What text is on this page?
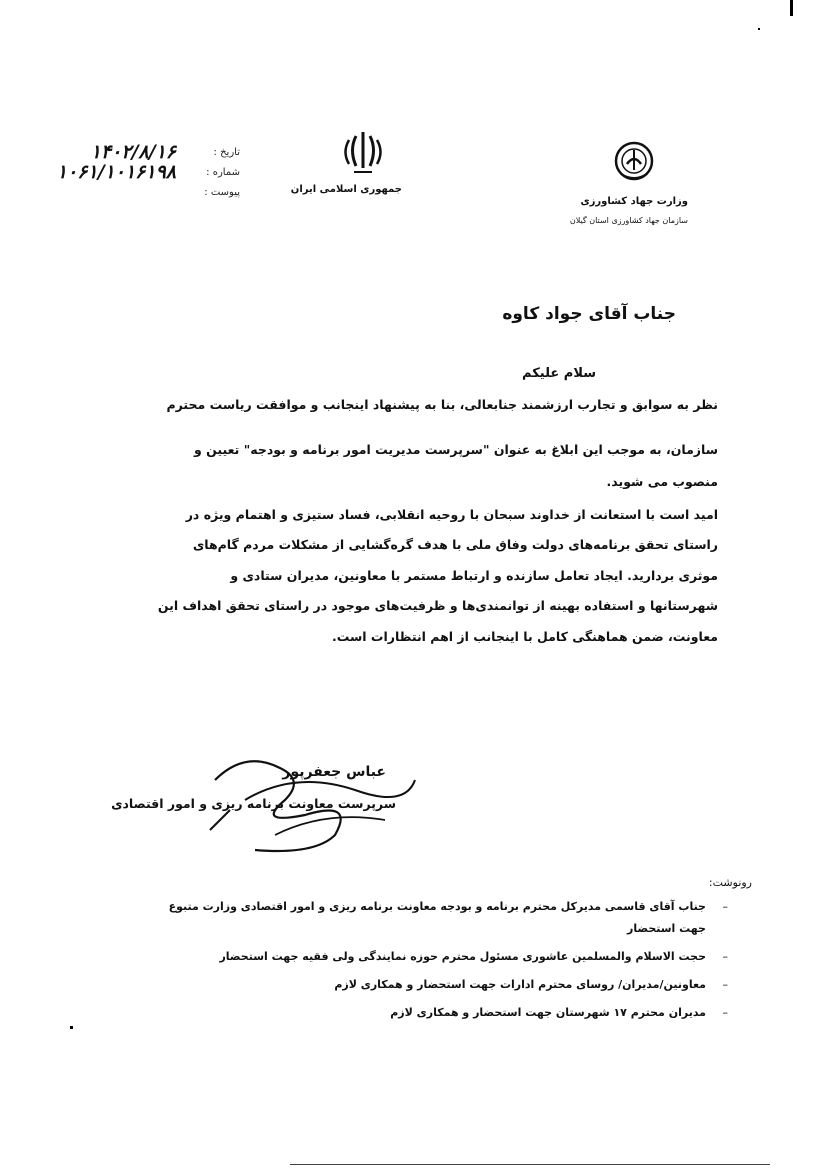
وزارت جهاد کشاورزی
سازمان جهاد کشاورزی استان گیلان
جمهوری اسلامی ایران
تاریخ :
۱۴۰۲/۸/۱۶
شماره :
۱۰۶۱/۱۰۱۶۱۹۸
پیوست :
جناب آقای جواد کاوه
سلام علیکم

نظر به سوابق و تجارب ارزشمند جنابعالی، بنا به پیشنهاد اینجانب و موافقت ریاست محترم

سازمان، به موجب این ابلاغ به عنوان "سرپرست مدیریت امور برنامه و بودجه" تعیین و

منصوب می شوید.

امید است با استعانت از خداوند سبحان با روحیه انقلابی، فساد ستیزی و اهتمام ویژه در

راستای تحقق برنامه‌های دولت وفاق ملی با هدف گره‌گشایی از مشکلات مردم گام‌های

موثری بردارید. ایجاد تعامل سازنده و ارتباط مستمر با معاونین، مدیران ستادی و

شهرستانها و استفاده بهینه از توانمندی‌ها و ظرفیت‌های موجود در راستای تحقق اهداف این

معاونت، ضمن هماهنگی کامل با اینجانب از اهم انتظارات است.

عباس جعفرپور
سرپرست معاونت برنامه ریزی و امور اقتصادی
رونوشت:
–
جناب آقای قاسمی مدیرکل محترم برنامه و بودجه معاونت برنامه ریزی و امور اقتصادی وزارت متبوع
جهت استحضار
–
حجت الاسلام والمسلمین عاشوری مسئول محترم حوزه نمایندگی ولی فقیه جهت استحضار
–
معاونین/مدیران/ روسای محترم ادارات جهت استحضار و همکاری لازم
–
مدیران محترم ۱۷ شهرستان جهت استحضار و همکاری لازم
